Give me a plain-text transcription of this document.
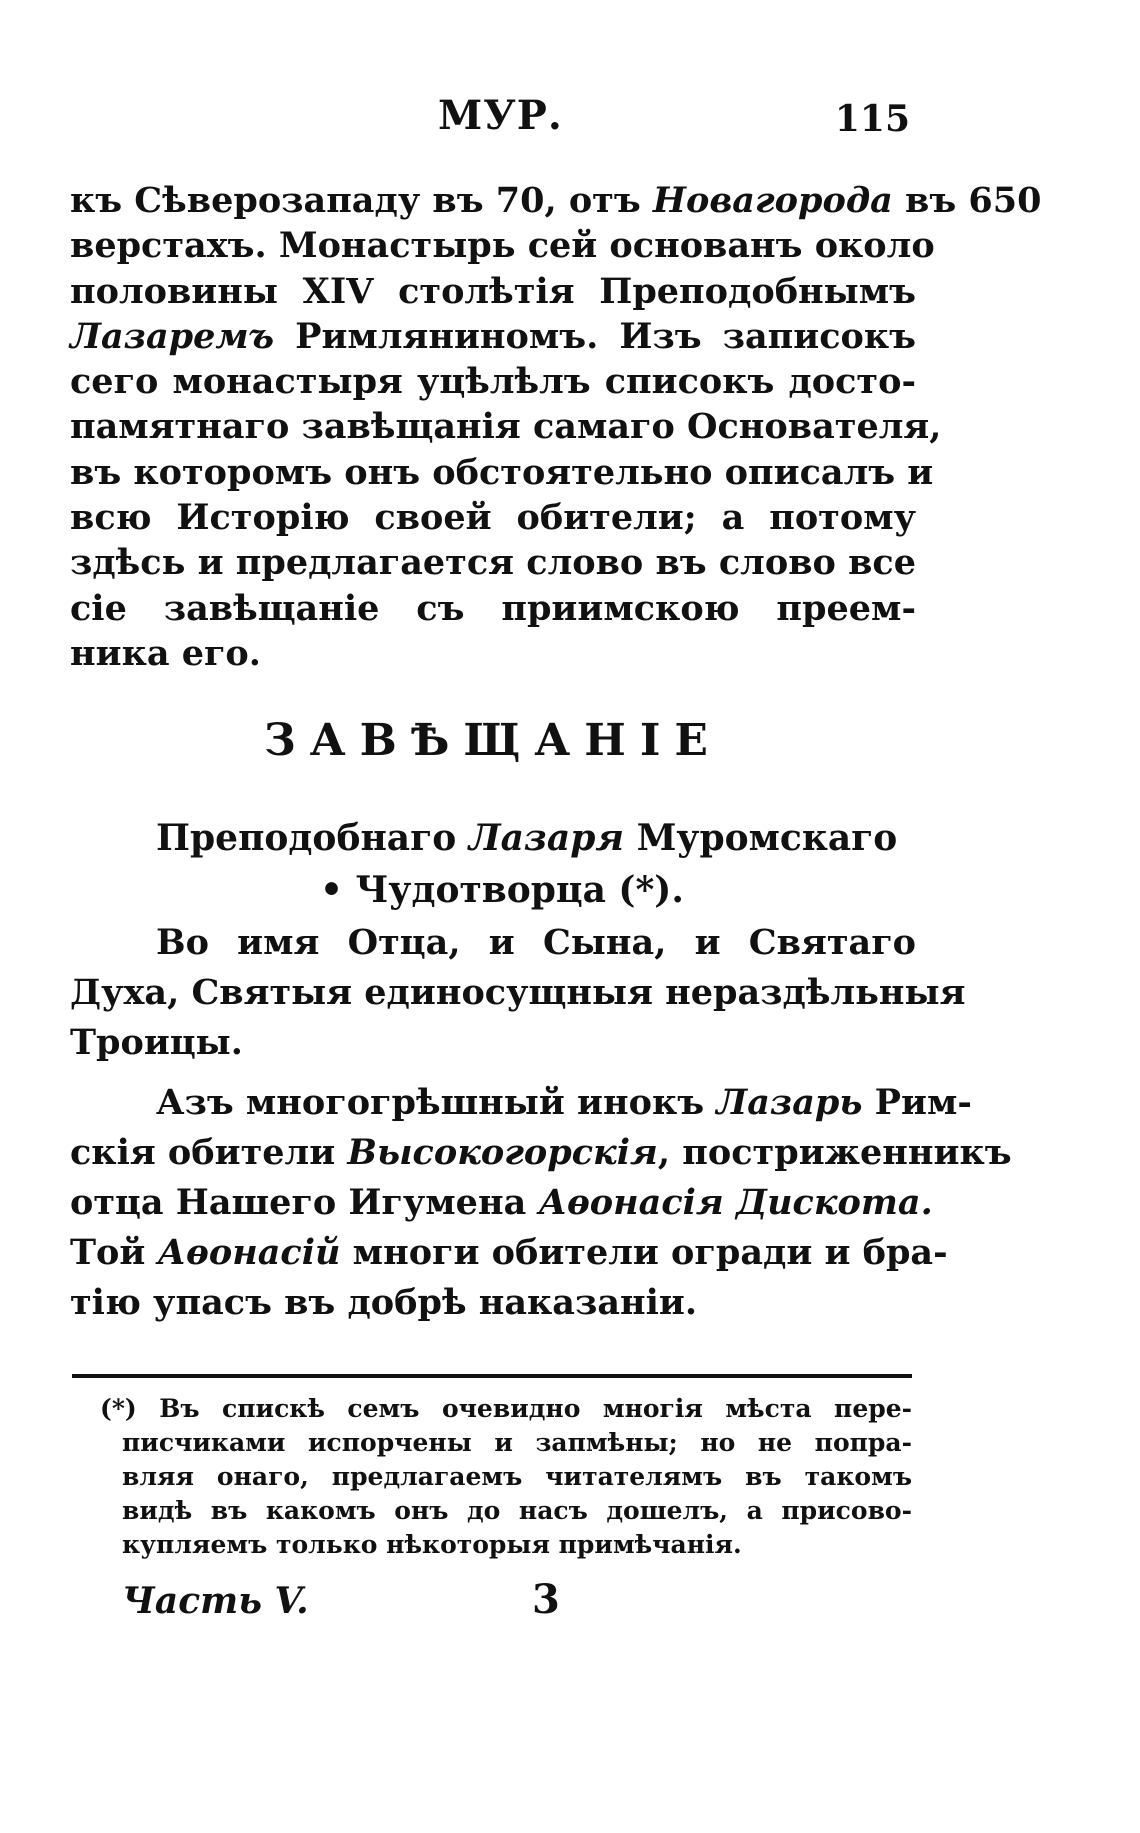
МУР.	115
къ Сѣверозападу въ 70, отъ Новагорода въ 650
верстахъ. Монастырь сей основанъ около
половины XIV столѣтія Преподобнымъ
Лазаремъ Римляниномъ. Изъ записокъ
сего монастыря уцѣлѣлъ списокъ досто-
памятнаго завѣщанія самаго Основателя,
въ которомъ онъ обстоятельно описалъ и
всю Исторію своей обители; а потому
здѣсь и предлагается слово въ слово все
сіе завѣщаніе съ приимскою преем-
ника его.
ЗАВѢЩАНІЕ
Преподобнаго Лазаря Муромскаго
• Чудотворца (*).
Во имя Отца, и Сына, и Святаго
Духа, Святыя единосущныя нераздѣльныя
Троицы.
Азъ многогрѣшный инокъ Лазарь Рим-
скія обители Высокогорскія, постриженникъ
отца Нашего Игумена Аѳонасія Дискота.
Той Аѳонасій многи обители огради и бра-
тію упасъ въ добрѣ наказаніи.
(*) Въ спискѣ семъ очевидно многія мѣста пере-
писчиками испорчены и запмѣны; но не попра-
вляя онаго, предлагаемъ читателямъ въ такомъ
видѣ въ какомъ онъ до насъ дошелъ, а присово-
купляемъ только нѣкоторыя примѣчанія.
Часть V.	3
